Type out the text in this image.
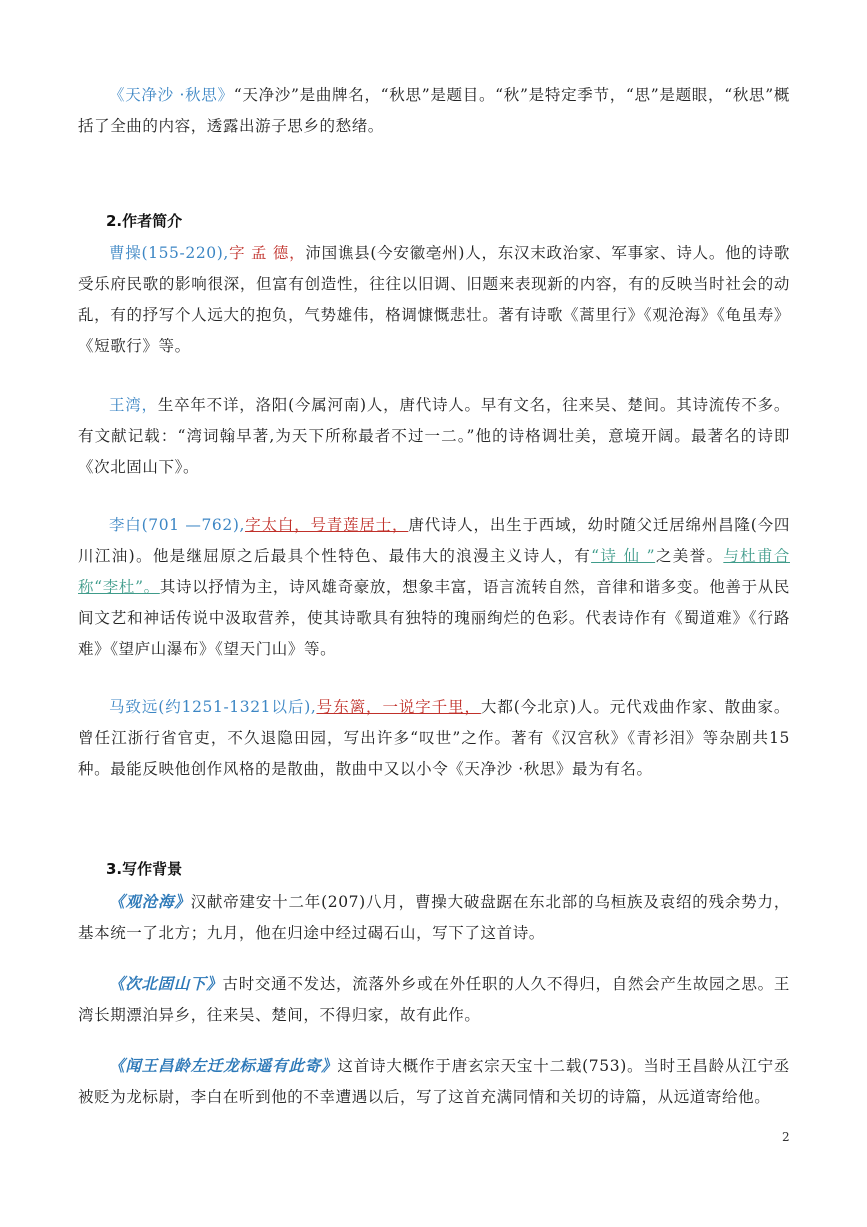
《天净沙 ·秋思》“天净沙”是曲牌名，“秋思”是题目。“秋”是特定季节，“思”是题眼，“秋思”概括了全曲的内容，透露出游子思乡的愁绪。

2.作者简介

曹操(155-220),字 孟 德，沛国谯县(今安徽亳州)人，东汉末政治家、军事家、诗人。他的诗歌受乐府民歌的影响很深，但富有创造性，往往以旧调、旧题来表现新的内容，有的反映当时社会的动乱，有的抒写个人远大的抱负，气势雄伟，格调慷慨悲壮。著有诗歌《蒿里行》《观沧海》《龟虽寿》《短歌行》等。

王湾，生卒年不详，洛阳(今属河南)人，唐代诗人。早有文名，往来吴、楚间。其诗流传不多。有文献记载：“湾词翰早著,为天下所称最者不过一二。”他的诗格调壮美，意境开阔。最著名的诗即《次北固山下》。

李白(701 —762),字太白，号青莲居士，唐代诗人，出生于西域，幼时随父迁居绵州昌隆(今四川江油)。他是继屈原之后最具个性特色、最伟大的浪漫主义诗人，有“诗 仙 ”之美誉。与杜甫合称“李杜”。其诗以抒情为主，诗风雄奇豪放，想象丰富，语言流转自然，音律和谐多变。他善于从民间文艺和神话传说中汲取营养，使其诗歌具有独特的瑰丽绚烂的色彩。代表诗作有《蜀道难》《行路难》《望庐山瀑布》《望天门山》等。

马致远(约1251-1321以后),号东篱，一说字千里，大都(今北京)人。元代戏曲作家、散曲家。曾任江浙行省官吏，不久退隐田园，写出许多“叹世”之作。著有《汉宫秋》《青衫泪》等杂剧共15种。最能反映他创作风格的是散曲，散曲中又以小令《天净沙 ·秋思》最为有名。

3.写作背景

《观沧海》汉献帝建安十二年(207)八月，曹操大破盘踞在东北部的乌桓族及袁绍的残余势力，基本统一了北方；九月，他在归途中经过碣石山，写下了这首诗。

《次北固山下》古时交通不发达，流落外乡或在外任职的人久不得归，自然会产生故园之思。王湾长期漂泊异乡，往来吴、楚间，不得归家，故有此作。

《闻王昌龄左迁龙标遥有此寄》这首诗大概作于唐玄宗天宝十二载(753)。当时王昌龄从江宁丞被贬为龙标尉，李白在听到他的不幸遭遇以后，写了这首充满同情和关切的诗篇，从远道寄给他。

2
